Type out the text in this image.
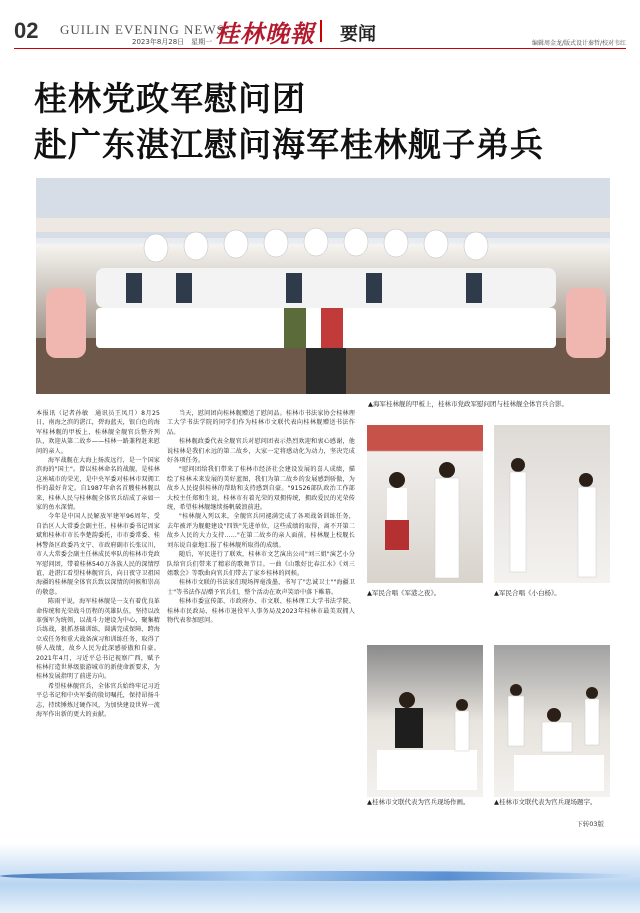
02 GUILIN EVENING NEWS
2023年8月28日　星期一 桂林晚報 要闻	编辑周金龙/版式设计秦哲/校对韦红
桂林党政军慰问团
赴广东湛江慰问海军桂林舰子弟兵
▲海军桂林舰的甲板上，桂林市党政军慰问团与桂林舰全体官兵合影。

本报讯（记者孙敏　通讯员王凤月）8月25日，南海之滨的湛江，碧海蓝天，银白色的海军桂林舰的甲板上，桂林舰全舰官兵整齐列队，欢迎从第二故乡——桂林一路兼程赶来慰问的亲人。

海军战舰在大海上扬波远行，是一个国家滨海的"国土"。曾以桂林命名的战舰，是桂林这座城市的荣光，是中央军委对桂林市双拥工作的最好肯定。自1987年命名首艘桂林舰以来，桂林人民与桂林舰全体官兵结成了亲如一家的鱼水深情。

今年是中国人民解放军建军96周年，受自治区人大常委会副主任、桂林市委书记周家斌和桂林市市长李楚韵委托，市市委常委、桂林警备区政委冯文宁、市政府副市长张议川，市人大常委会副主任林成民率队的桂林市党政军慰问团，带着桂林540万各族人民的深情厚谊，赴湛江看望桂林舰官兵，向日夜守卫祖国海疆的桂林舰全体官兵致以深情的问候和崇高的敬意。

陈雨平说，海军桂林舰是一支有着优良革命传统和光荣战斗历程的英雄队伍，坚持以改革强军为统领，以战斗力建设为中心，聚集精兵练战，狠抓基础训练，圆满完成保障、跨海立成任务和重大战备演习和训练任务，取得了骄人战绩，故乡人民为此深感骄傲和自豪。2021年4月，习近平总书记视察广西，赋予桂林打造世界级旅游城市的新使命新要求，为桂林发展指明了前进方向。

希望桂林舰官兵，全体官兵始终牢记习近平总书记和中央军委的殷切嘱托，保持昂扬斗志，持续锤炼过硬作风，为加快建设世界一流海军作出新的更大的贡献。

当天，慰问团向桂林舰赠送了慰问品。桂林市书法家协会桂林理工大学书法学院的同学们作为桂林市文联代表向桂林舰赠送书法作品。

桂林舰政委代表全舰官兵对慰问团表示热烈欢迎和衷心感谢，他说桂林是我们永远的第二故乡，大家一定将感动化为动力，坚决完成好各项任务。

"慰问团给我们带来了桂林市经济社会建设发展的喜人成绩，描绘了桂林未来发展的美好蓝图，我们为第二故乡的发展感到骄傲，为故乡人民提供桂林的帮助和支持感到自豪。"91526部队政治工作部大校主任郑和生说，桂林市有着光荣的双拥传统，拥政爱民的光荣传统，希望桂林舰继续扬帆破浪前进。

"桂林舰入列以来，全舰官兵同褪满完成了各项战备训练任务，去年被评为舰艇建设"四铁"先进单位，这些成绩的取得，离不开第二故乡人民的大力支持……"在第二故乡的亲人面前，桂林舰上校舰长刘东说自豪地汇报了桂林舰所取得的成绩。

随后，军民进行了联欢，桂林市文艺演出公司"刘三姐"演艺小分队给官兵们带来了精彩的歌舞节目。一曲《山歌好比春江水》《刘三姐歌会》等歌曲向官兵们带去了家乡桂林的问候。

桂林市文联的书法家们现场挥毫泼墨，书写了"忠诚卫士""海疆卫士"等书法作品赠予官兵们，整个活动在欢声笑语中落下帷幕。

桂林市委宣传部、市政府办、市文联、桂林理工大学书法学院、桂林市民政局、桂林市退役军人事务局及2023年桂林市最美双拥人物代表参加慰问。

▲军民合唱《军港之夜》。	▲军民合唱《小白杨》。
▲桂林市文联代表为官兵现场作画。	▲桂林市文联代表为官兵现场题字。
下转03版
